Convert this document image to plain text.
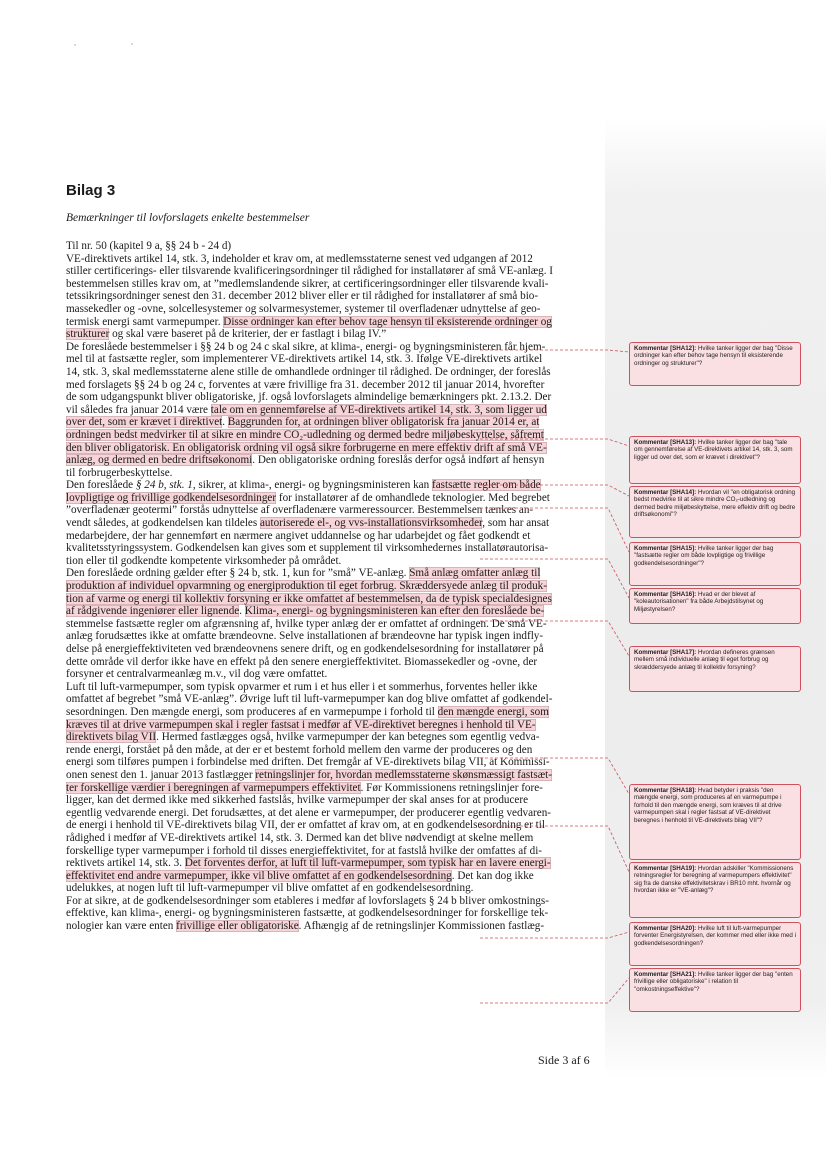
Bilag 3
Bemærkninger til lovforslagets enkelte bestemmelser
Til nr. 50 (kapitel 9 a, §§ 24 b - 24 d)
VE-direktivets artikel 14, stk. 3, indeholder et krav om, at medlemsstaterne senest ved udgangen af 2012
stiller certificerings- eller tilsvarende kvalificeringsordninger til rådighed for installatører af små VE-anlæg. I
bestemmelsen stilles krav om, at ”medlemslandende sikrer, at certificeringsordninger eller tilsvarende kvali-
tetssikringsordninger senest den 31. december 2012 bliver eller er til rådighed for installatører af små bio-
massekedler og -ovne, solcellesystemer og solvarmesystemer, systemer til overfladenær udnyttelse af geo-
termisk energi samt varmepumper. Disse ordninger kan efter behov tage hensyn til eksisterende ordninger og
strukturer og skal være baseret på de kriterier, der er fastlagt i bilag IV.”
De foreslåede bestemmelser i §§ 24 b og 24 c skal sikre, at klima-, energi- og bygningsministeren får hjem-
mel til at fastsætte regler, som implementerer VE-direktivets artikel 14, stk. 3. Ifølge VE-direktivets artikel
14, stk. 3, skal medlemsstaterne alene stille de omhandlede ordninger til rådighed. De ordninger, der foreslås
med forslagets §§ 24 b og 24 c, forventes at være frivillige fra 31. december 2012 til januar 2014, hvorefter
de som udgangspunkt bliver obligatoriske, jf. også lovforslagets almindelige bemærkningers pkt. 2.13.2. Der
vil således fra januar 2014 være tale om en gennemførelse af VE-direktivets artikel 14, stk. 3, som ligger ud
over det, som er krævet i direktivet. Baggrunden for, at ordningen bliver obligatorisk fra januar 2014 er, at
ordningen bedst medvirker til at sikre en mindre CO₂-udledning og dermed bedre miljøbeskyttelse, såfremt
den bliver obligatorisk. En obligatorisk ordning vil også sikre forbrugerne en mere effektiv drift af små VE-
anlæg, og dermed en bedre driftsøkonomi. Den obligatoriske ordning foreslås derfor også indført af hensyn
til forbrugerbeskyttelse.
Den foreslåede § 24 b, stk. 1, sikrer, at klima-, energi- og bygningsministeren kan fastsætte regler om både
lovpligtige og frivillige godkendelsesordninger for installatører af de omhandlede teknologier. Med begrebet
”overfladenær geotermi” forstås udnyttelse af overfladenære varmeressourcer. Bestemmelsen tænkes an-
vendt således, at godkendelsen kan tildeles autoriserede el-, og vvs-installationsvirksomheder, som har ansat
medarbejdere, der har gennemført en nærmere angivet uddannelse og har udarbejdet og fået godkendt et
kvalitetsstyringssystem. Godkendelsen kan gives som et supplement til virksomhedernes installatørautorisa-
tion eller til godkendte kompetente virksomheder på området.
Den foreslåede ordning gælder efter § 24 b, stk. 1, kun for ”små” VE-anlæg. Små anlæg omfatter anlæg til
produktion af individuel opvarmning og energiproduktion til eget forbrug. Skræddersyede anlæg til produk-
tion af varme og energi til kollektiv forsyning er ikke omfattet af bestemmelsen, da de typisk specialdesignes
af rådgivende ingeniører eller lignende. Klima-, energi- og bygningsministeren kan efter den foreslåede be-
stemmelse fastsætte regler om afgrænsning af, hvilke typer anlæg der er omfattet af ordningen. De små VE-
anlæg forudsættes ikke at omfatte brændeovne. Selve installationen af brændeovne har typisk ingen indfly-
delse på energieffektiviteten ved brændeovnens senere drift, og en godkendelsesordning for installatører på
dette område vil derfor ikke have en effekt på den senere energieffektivitet. Biomassekedler og -ovne, der
forsyner et centralvarmeanlæg m.v., vil dog være omfattet.
Luft til luft-varmepumper, som typisk opvarmer et rum i et hus eller i et sommerhus, forventes heller ikke
omfattet af begrebet ”små VE-anlæg”. Øvrige luft til luft-varmepumper kan dog blive omfattet af godkendel-
sesordningen. Den mængde energi, som produceres af en varmepumpe i forhold til den mængde energi, som
kræves til at drive varmepumpen skal i regler fastsat i medfør af VE-direktivet beregnes i henhold til VE-
direktivets bilag VII. Hermed fastlægges også, hvilke varmepumper der kan betegnes som egentlig vedva-
rende energi, forstået på den måde, at der er et bestemt forhold mellem den varme der produceres og den
energi som tilføres pumpen i forbindelse med driften. Det fremgår af VE-direktivets bilag VII, at Kommissi-
onen senest den 1. januar 2013 fastlægger retningslinjer for, hvordan medlemsstaterne skønsmæssigt fastsæt-
ter forskellige værdier i beregningen af varmepumpers effektivitet. Før Kommissionens retningslinjer fore-
ligger, kan det dermed ikke med sikkerhed fastslås, hvilke varmepumper der skal anses for at producere
egentlig vedvarende energi. Det forudsættes, at det alene er varmepumper, der producerer egentlig vedvaren-
de energi i henhold til VE-direktivets bilag VII, der er omfattet af krav om, at en godkendelsesordning er til
rådighed i medfør af VE-direktivets artikel 14, stk. 3. Dermed kan det blive nødvendigt at skelne mellem
forskellige typer varmepumper i forhold til disses energieffektivitet, for at fastslå hvilke der omfattes af di-
rektivets artikel 14, stk. 3. Det forventes derfor, at luft til luft-varmepumper, som typisk har en lavere energi-
effektivitet end andre varmepumper, ikke vil blive omfattet af en godkendelsesordning. Det kan dog ikke
udelukkes, at nogen luft til luft-varmepumper vil blive omfattet af en godkendelsesordning.
For at sikre, at de godkendelsesordninger som etableres i medfør af lovforslagets § 24 b bliver omkostnings-
effektive, kan klima-, energi- og bygningsministeren fastsætte, at godkendelsesordninger for forskellige tek-
nologier kan være enten frivillige eller obligatoriske. Afhængig af de retningslinjer Kommissionen fastlæg-
Side 3 af 6
Kommentar [SHA12]: Hvilke tanker ligger der bag "Disse ordninger kan efter behov tage hensyn til eksisterende ordninger og strukturer"?
Kommentar [SHA13]: Hvilke tanker ligger der bag "tale om gennemførelse af VE-direktivets artikel 14, stk. 3, som ligger ud over det, som er krævet i direktivet"?
Kommentar [SHA14]: Hvordan vil "en obligatorisk ordning bedst medvirke til at sikre mindre CO₂-udledning og dermed bedre miljøbeskyttelse, mere effektiv drift og bedre driftsøkonomi"?
Kommentar [SHA15]: Hvilke tanker ligger der bag "fastsætte regler om både lovpligtige og frivillige godkendelsesordninger"?
Kommentar [SHA16]: Hvad er der blevet af "koleautorisationen" fra både Arbejdstilsynet og Miljøstyrelsen?
Kommentar [SHA17]: Hvordan defineres grænsen mellem små individuelle anlæg til eget forbrug og skræddersyede anlæg til kollektiv forsyning?
Kommentar [SHA18]: Hvad betyder i praksis "den mængde energi, som produceres af en varmepumpe i forhold til den mængde energi, som kræves til at drive varmepumpen skal i regler fastsat af VE-direktivet beregnes i henhold til VE-direktivets bilag VII"?
Kommentar [SHA19]: Hvordan adskiller "Kommissionens retningsregler for beregning af varmepumpers effektivitet" sig fra de danske effektivitetskrav i BR10 mht. hvornår og hvordan ikke er "VE-anlæg"?
Kommentar [SHA20]: Hvilke luft til luft-varmepumper forventer Energistyrelsen, der kommer med eller ikke med i godkendelsesordningen?
Kommentar [SHA21]: Hvilke tanker ligger der bag "enten frivillige eller obligatoriske" i relation til "omkostningseffektive"?
